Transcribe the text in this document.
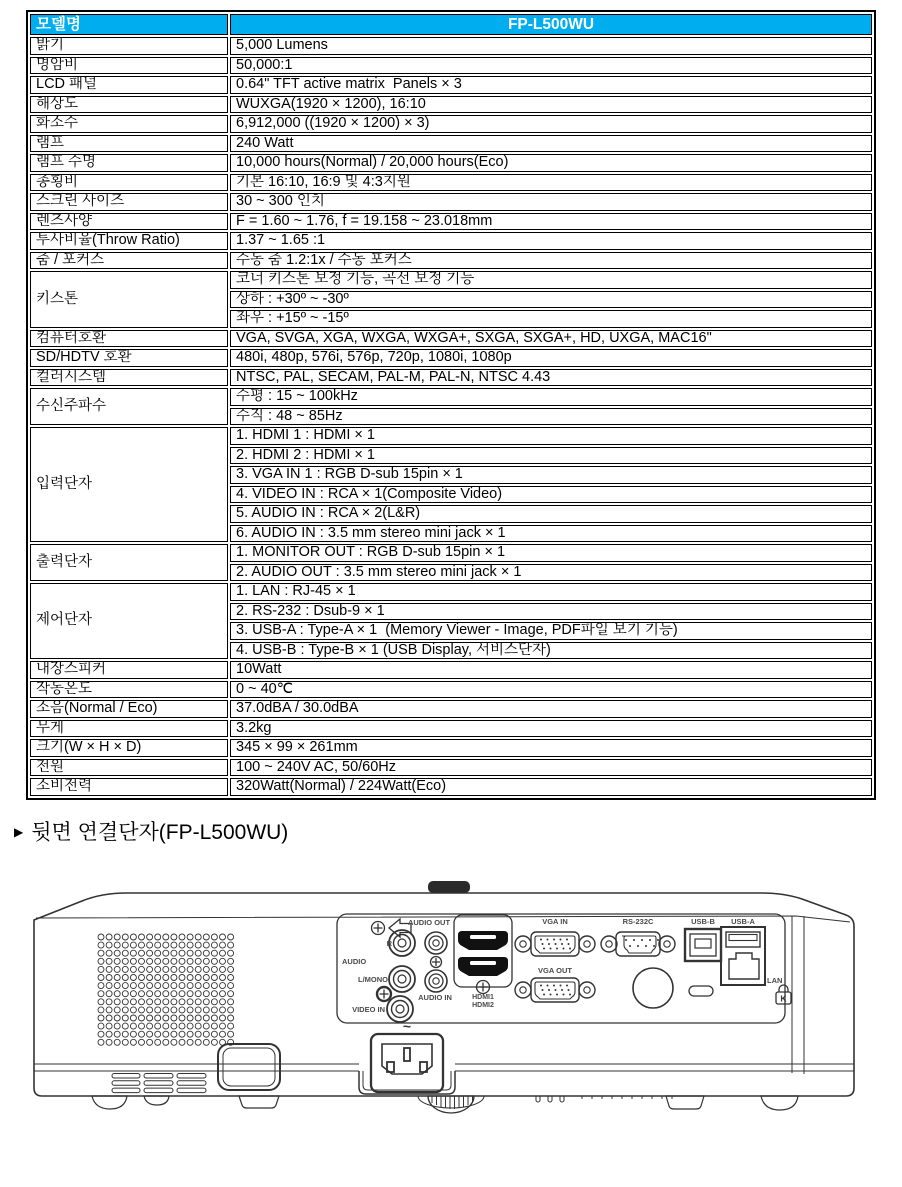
모델명	FP-L500WU
밝기	5,000 Lumens
명암비	50,000:1
LCD 패널	0.64" TFT active matrix  Panels × 3
해상도	WUXGA(1920 × 1200), 16:10
화소수	6,912,000 ((1920 × 1200) × 3)
램프	240 Watt
램프 수명	10,000 hours(Normal) / 20,000 hours(Eco)
종횡비	기본 16:10, 16:9 및 4:3지원
스크린 사이즈	30 ~ 300 인치
렌즈사양	F = 1.60 ~ 1.76, f = 19.158 ~ 23.018mm
투사비율(Throw Ratio)	1.37 ~ 1.65 :1
줌 / 포커스	수동 줌 1.2:1x / 수동 포커스
키스톤	코너 키스톤 보정 기능, 곡선 보정 기능
	상하 : +30º ~ -30º
	좌우 : +15º ~ -15º
컴퓨터호환	VGA, SVGA, XGA, WXGA, WXGA+, SXGA, SXGA+, HD, UXGA, MAC16"
SD/HDTV 호환	480i, 480p, 576i, 576p, 720p, 1080i, 1080p
컬러시스템	NTSC, PAL, SECAM, PAL-M, PAL-N, NTSC 4.43
수신주파수	수평 : 15 ~ 100kHz
	수직 : 48 ~ 85Hz
입력단자	1. HDMI 1 : HDMI × 1
	2. HDMI 2 : HDMI × 1
	3. VGA IN 1 : RGB D-sub 15pin × 1
	4. VIDEO IN : RCA × 1(Composite Video)
	5. AUDIO IN : RCA × 2(L&R)
	6. AUDIO IN : 3.5 mm stereo mini jack × 1
출력단자	1. MONITOR OUT : RGB D-sub 15pin × 1
	2. AUDIO OUT : 3.5 mm stereo mini jack × 1
제어단자	1. LAN : RJ-45 × 1
	2. RS-232 : Dsub-9 × 1
	3. USB-A : Type-A × 1  (Memory Viewer - Image, PDF파일 보기 기능)
	4. USB-B : Type-B × 1 (USB Display, 서비스단자)
내장스피커	10Watt
작동온도	0 ~ 40℃
소음(Normal / Eco)	37.0dBA / 30.0dBA
무게	3.2kg
크기(W × H × D)	345 × 99 × 261mm
전원	100 ~ 240V AC, 50/60Hz
소비전력	320Watt(Normal) / 224Watt(Eco)
▶ 뒷면 연결단자(FP-L500WU)
K
~
AUDIO OUT
R
AUDIO
L/MONO
VIDEO IN
AUDIO IN	HDMI1
HDMI2
VGA IN
VGA OUT
RS-232C	USB-B USB-A
LAN
